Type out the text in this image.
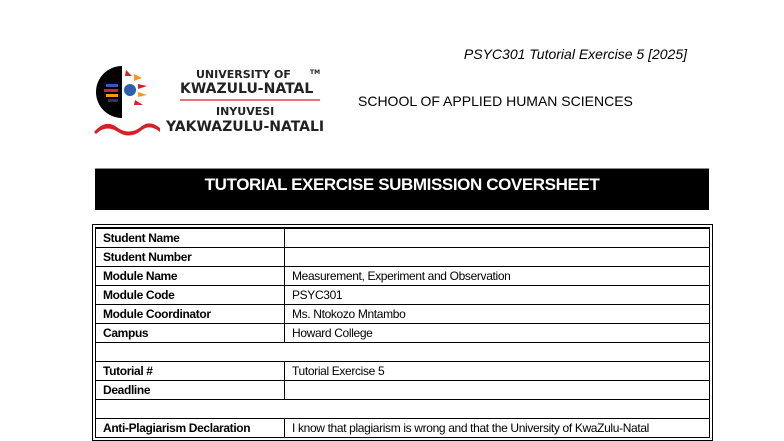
PSYC301 Tutorial Exercise 5 [2025]
UNIVERSITY OF	TM
KWAZULU-NATAL
INYUVESI
YAKWAZULU-NATALI
SCHOOL OF APPLIED HUMAN SCIENCES
TUTORIAL EXERCISE SUBMISSION COVERSHEET
Student Name	
Student Number	
Module Name	Measurement, Experiment and Observation
Module Code	PSYC301
Module Coordinator	Ms. Ntokozo Mntambo
Campus	Howard College

Tutorial #	Tutorial Exercise 5
Deadline	

Anti-Plagiarism Declaration	I know that plagiarism is wrong and that the University of KwaZulu-Natal
